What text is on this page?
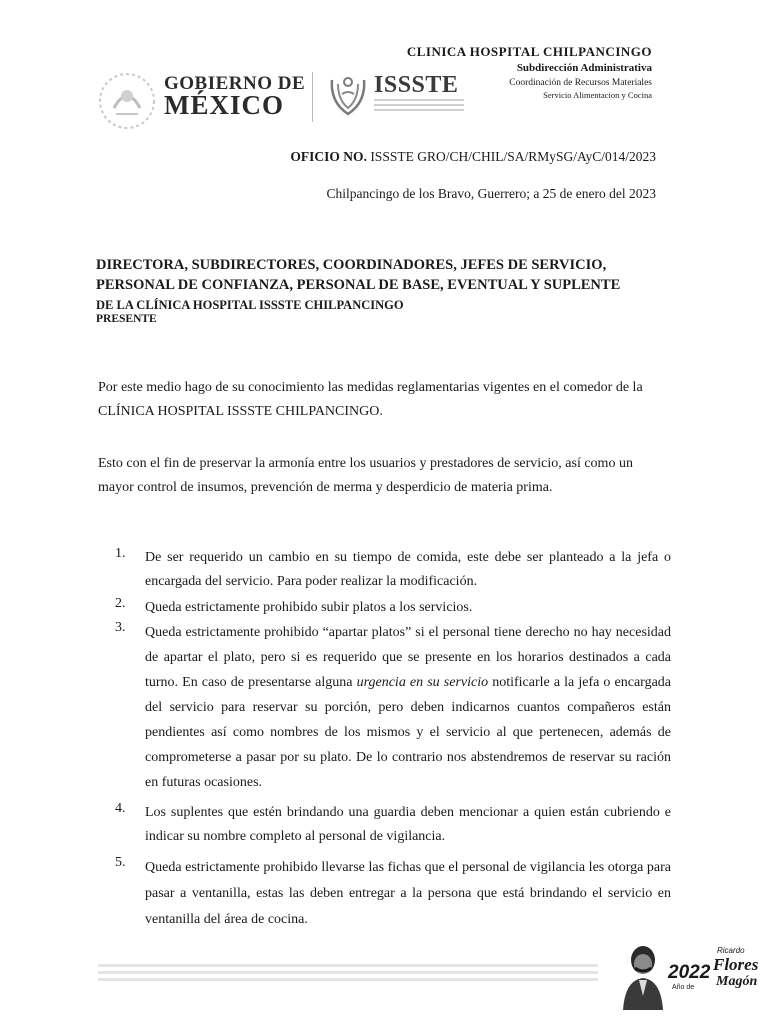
GOBIERNO DE
MÉXICO
ISSSTE
CLINICA HOSPITAL CHILPANCINGO
Subdirección Administrativa
Coordinación de Recursos Materiales
Servicio Alimentacion y Cocina
OFICIO NO. ISSSTE GRO/CH/CHIL/SA/RMySG/AyC/014/2023
Chilpancingo de los Bravo, Guerrero; a 25 de enero del 2023
DIRECTORA, SUBDIRECTORES, COORDINADORES, JEFES DE SERVICIO,
PERSONAL DE CONFIANZA, PERSONAL DE BASE, EVENTUAL Y SUPLENTE
DE LA CLÍNICA HOSPITAL ISSSTE CHILPANCINGO
PRESENTE
Por este medio hago de su conocimiento las medidas reglamentarias vigentes en el comedor de la CLÍNICA HOSPITAL ISSSTE CHILPANCINGO.
Esto con el fin de preservar la armonía entre los usuarios y prestadores de servicio, así como un mayor control de insumos, prevención de merma y desperdicio de materia prima.
1.	De ser requerido un cambio en su tiempo de comida, este debe ser planteado a la jefa o encargada del servicio. Para poder realizar la modificación.
2.	Queda estrictamente prohibido subir platos a los servicios.
3.	Queda estrictamente prohibido “apartar platos” si el personal tiene derecho no hay necesidad de apartar el plato, pero si es requerido que se presente en los horarios destinados a cada turno. En caso de presentarse alguna urgencia en su servicio notificarle a la jefa o encargada del servicio para reservar su porción, pero deben indicarnos cuantos compañeros están pendientes así como nombres de los mismos y el servicio al que pertenecen, además de comprometerse a pasar por su plato. De lo contrario nos abstendremos de reservar su ración en futuras ocasiones.
4.	Los suplentes que estén brindando una guardia deben mencionar a quien están cubriendo e indicar su nombre completo al personal de vigilancia.
5.	Queda estrictamente prohibido llevarse las fichas que el personal de vigilancia les otorga para pasar a ventanilla, estas las deben entregar a la persona que está brindando el servicio en ventanilla del área de cocina.
2022
Ricardo
Flores
Magón
Año de
